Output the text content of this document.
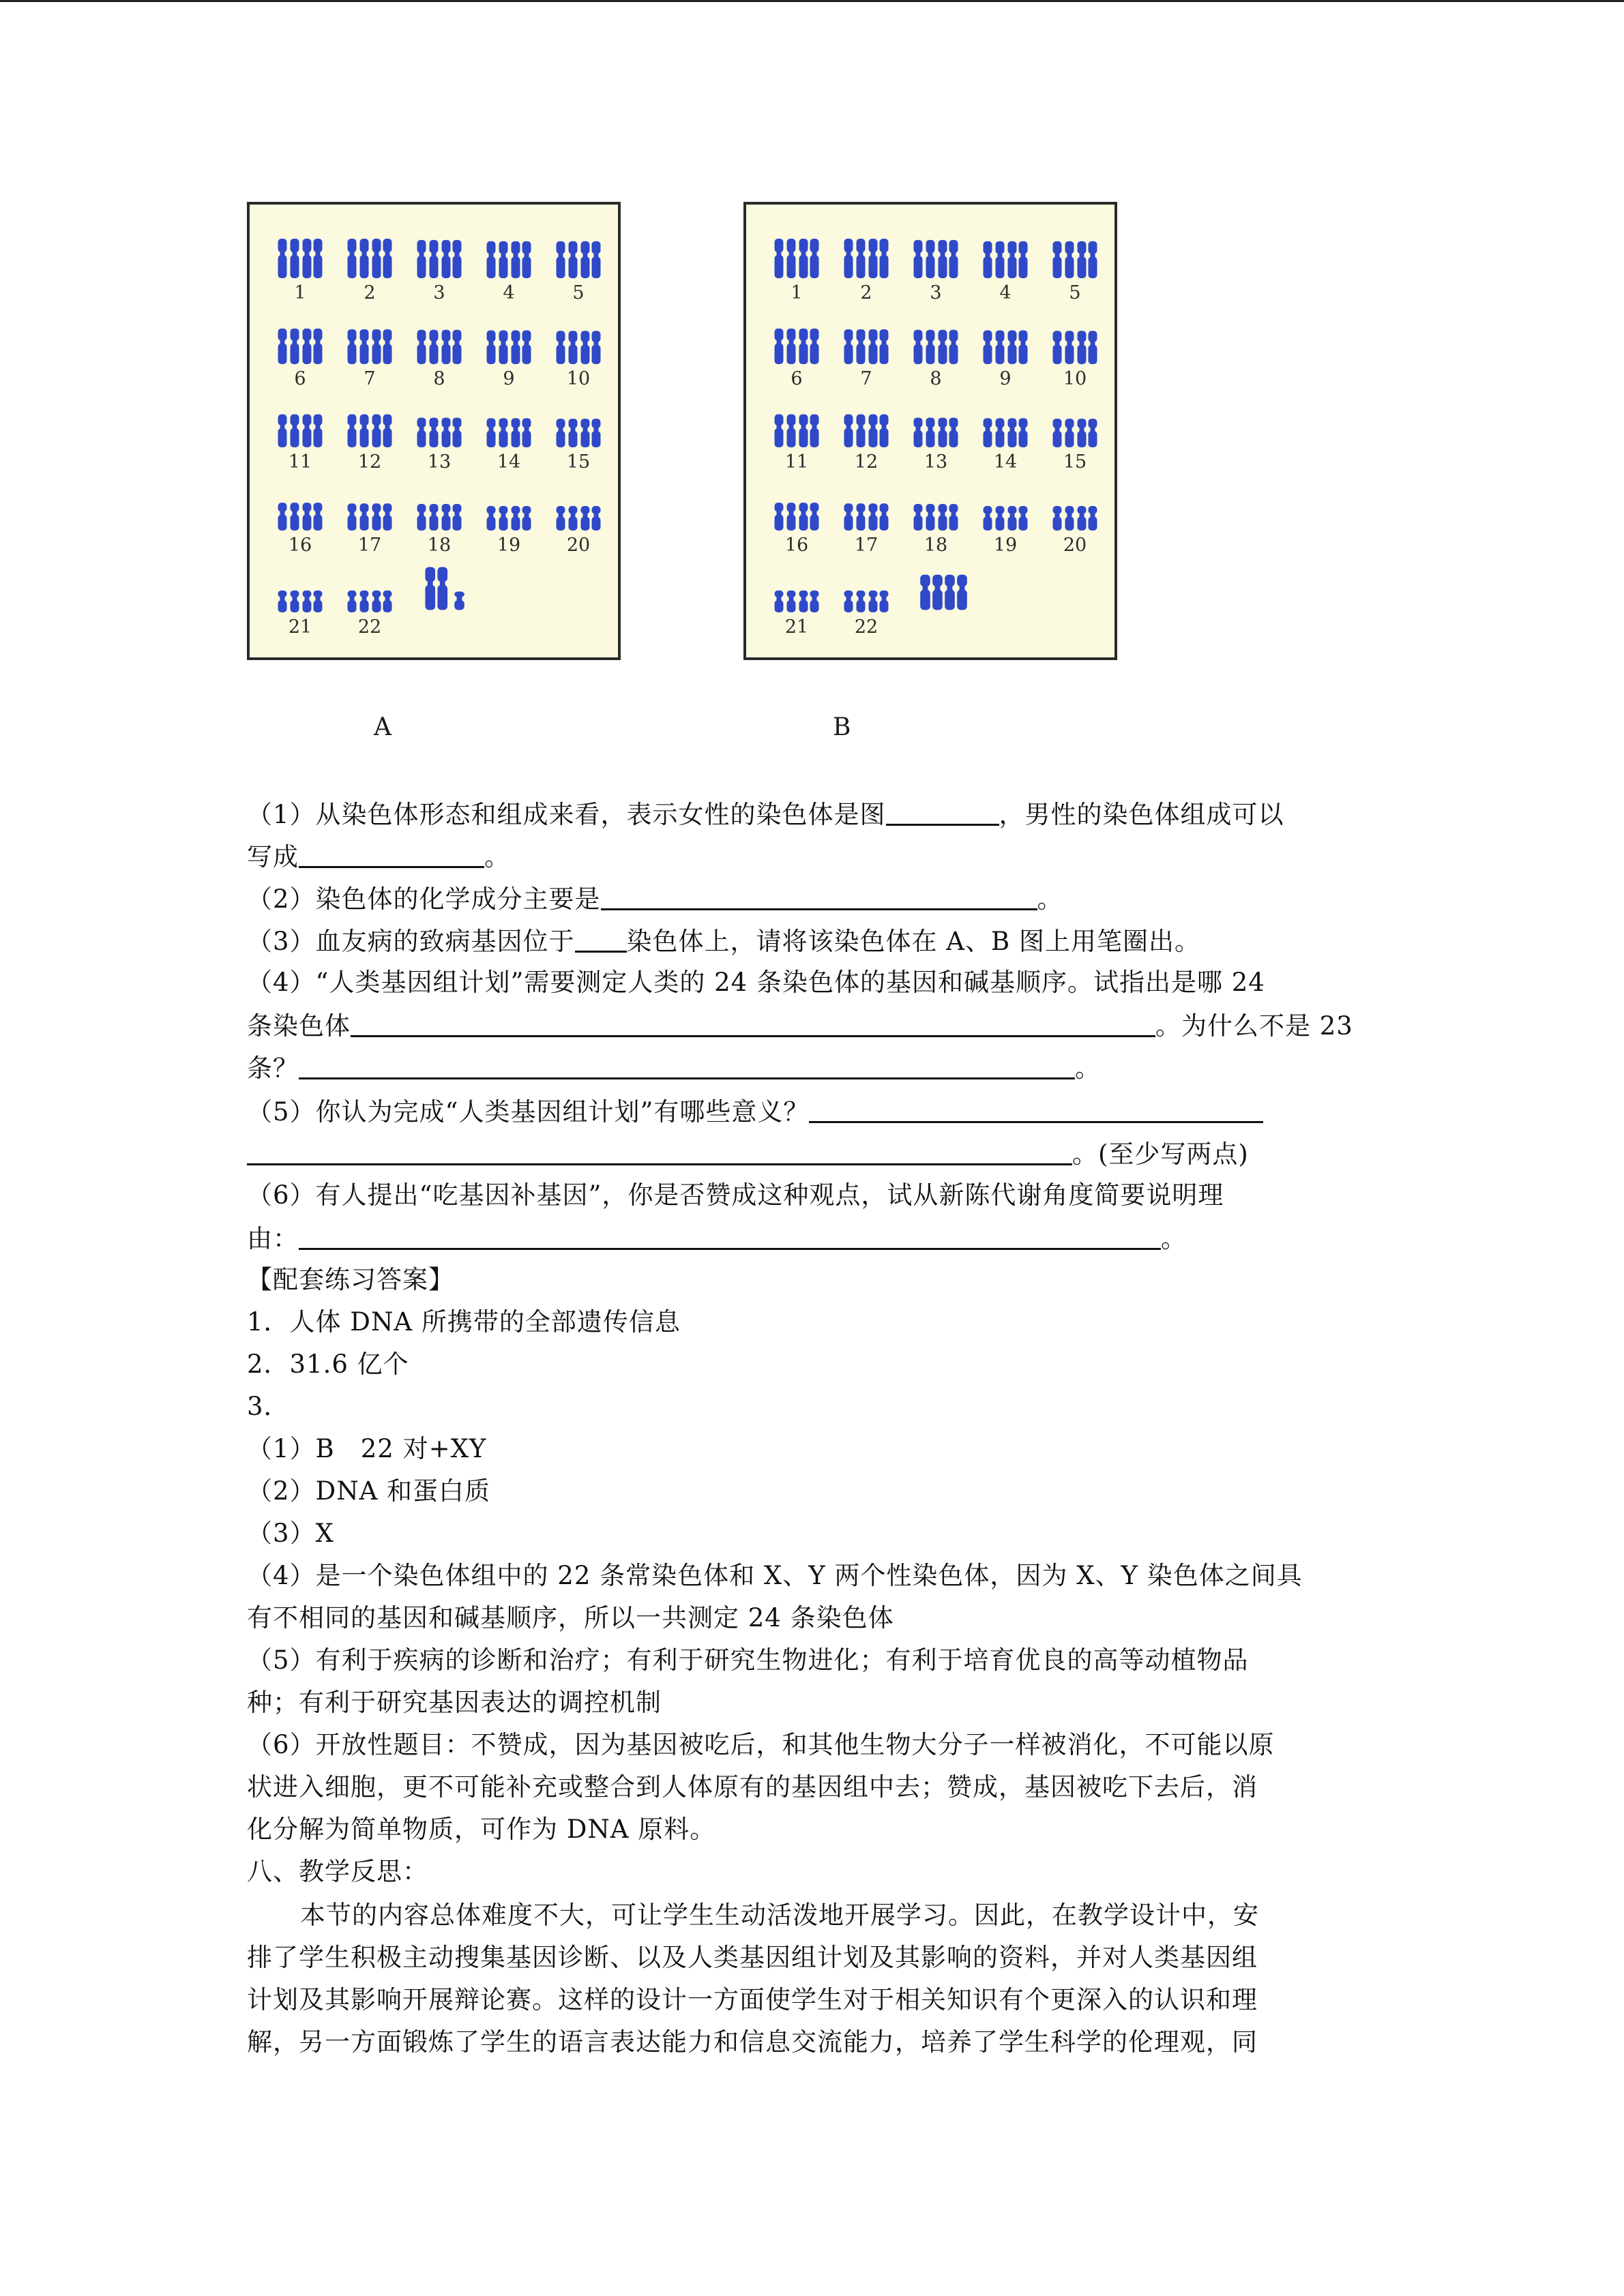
1	2	3	4	5
6	7	8	9	10
11	12	13	14	15
16	17	18	19	20
21	22
1	2	3	4	5
6	7	8	9	10
11	12	13	14	15
16	17	18	19	20
21	22
A	B
（1）从染色体形态和组成来看，表示女性的染色体是图	，男性的染色体组成可以
写成	。
（2）染色体的化学成分主要是	。
（3）血友病的致病基因位于 染色体上，请将该染色体在 A、B 图上用笔圈出。
（4）“人类基因组计划”需要测定人类的 24 条染色体的基因和碱基顺序。试指出是哪 24
条染色体	。为什么不是 23
条？	。
（5）你认为完成“人类基因组计划”有哪些意义？
。(至少写两点)
（6）有人提出“吃基因补基因”，你是否赞成这种观点，试从新陈代谢角度简要说明理
由：	。
【配套练习答案】
1．人体 DNA 所携带的全部遗传信息
2．31.6 亿个
3．
（1）B　22 对+XY
（2）DNA 和蛋白质
（3）X
（4）是一个染色体组中的 22 条常染色体和 X、Y 两个性染色体，因为 X、Y 染色体之间具
有不相同的基因和碱基顺序，所以一共测定 24 条染色体
（5）有利于疾病的诊断和治疗；有利于研究生物进化；有利于培育优良的高等动植物品
种；有利于研究基因表达的调控机制
（6）开放性题目：不赞成，因为基因被吃后，和其他生物大分子一样被消化，不可能以原
状进入细胞，更不可能补充或整合到人体原有的基因组中去；赞成，基因被吃下去后，消
化分解为简单物质，可作为 DNA 原料。
八、教学反思：
本节的内容总体难度不大，可让学生生动活泼地开展学习。因此，在教学设计中，安
排了学生积极主动搜集基因诊断、以及人类基因组计划及其影响的资料，并对人类基因组
计划及其影响开展辩论赛。这样的设计一方面使学生对于相关知识有个更深入的认识和理
解，另一方面锻炼了学生的语言表达能力和信息交流能力，培养了学生科学的伦理观，同
